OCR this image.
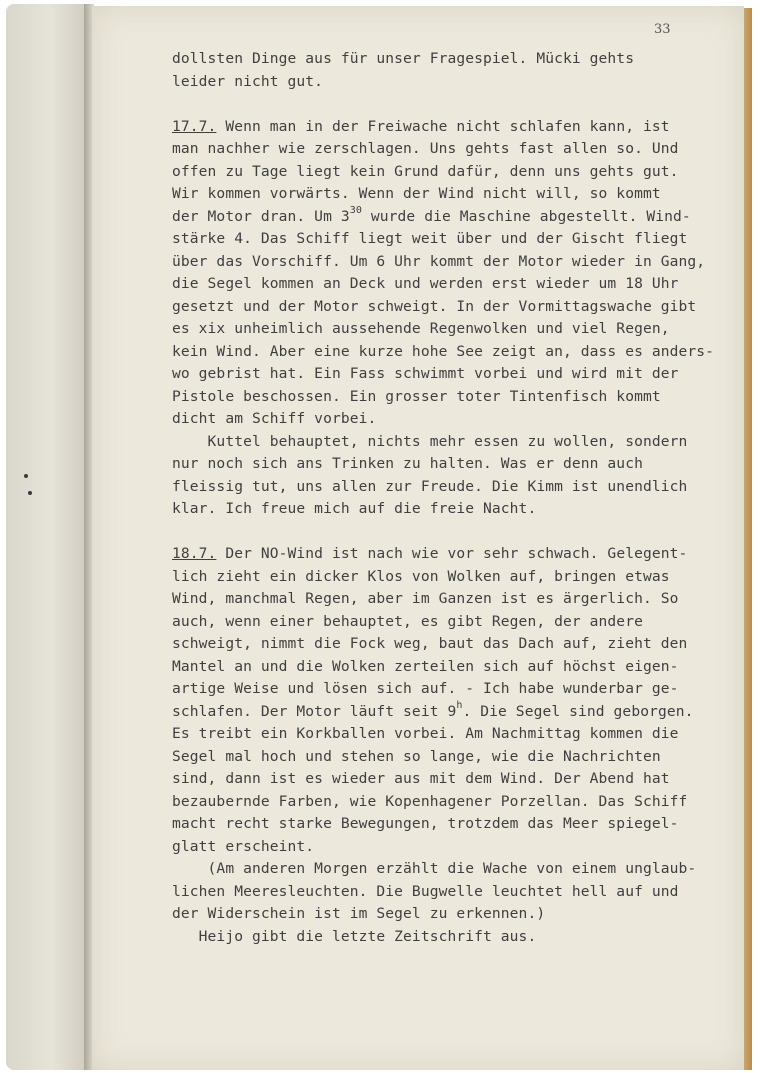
33
dollsten Dinge aus für unser Fragespiel. Mücki gehts
leider nicht gut.
17.7. Wenn man in der Freiwache nicht schlafen kann, ist
man nachher wie zerschlagen. Uns gehts fast allen so. Und
offen zu Tage liegt kein Grund dafür, denn uns gehts gut.
Wir kommen vorwärts. Wenn der Wind nicht will, so kommt
der Motor dran. Um $3^{30}$ wurde die Maschine abgestellt. Wind-
stärke 4. Das Schiff liegt weit über und der Gischt fliegt
über das Vorschiff. Um 6 Uhr kommt der Motor wieder in Gang,
die Segel kommen an Deck und werden erst wieder um 18 Uhr
gesetzt und der Motor schweigt. In der Vormittagswache gibt
es xix unheimlich aussehende Regenwolken und viel Regen,
kein Wind. Aber eine kurze hohe See zeigt an, dass es anders-
wo gebrist hat. Ein Fass schwimmt vorbei und wird mit der
Pistole beschossen. Ein grosser toter Tintenfisch kommt
dicht am Schiff vorbei.
Kuttel behauptet, nichts mehr essen zu wollen, sondern
nur noch sich ans Trinken zu halten. Was er denn auch
fleissig tut, uns allen zur Freude. Die Kimm ist unendlich
klar. Ich freue mich auf die freie Nacht.
18.7. Der NO-Wind ist nach wie vor sehr schwach. Gelegent-
lich zieht ein dicker Klos von Wolken auf, bringen etwas
Wind, manchmal Regen, aber im Ganzen ist es ärgerlich. So
auch, wenn einer behauptet, es gibt Regen, der andere
schweigt, nimmt die Fock weg, baut das Dach auf, zieht den
Mantel an und die Wolken zerteilen sich auf höchst eigen-
artige Weise und lösen sich auf. - Ich habe wunderbar ge-
schlafen. Der Motor läuft seit 9$^h$. Die Segel sind geborgen.
Es treibt ein Korkballen vorbei. Am Nachmittag kommen die
Segel mal hoch und stehen so lange, wie die Nachrichten
sind, dann ist es wieder aus mit dem Wind. Der Abend hat
bezaubernde Farben, wie Kopenhagener Porzellan. Das Schiff
macht recht starke Bewegungen, trotzdem das Meer spiegel-
glatt erscheint.
(Am anderen Morgen erzählt die Wache von einem unglaub-
lichen Meeresleuchten. Die Bugwelle leuchtet hell auf und
der Widerschein ist im Segel zu erkennen.)
Heijo gibt die letzte Zeitschrift aus.
